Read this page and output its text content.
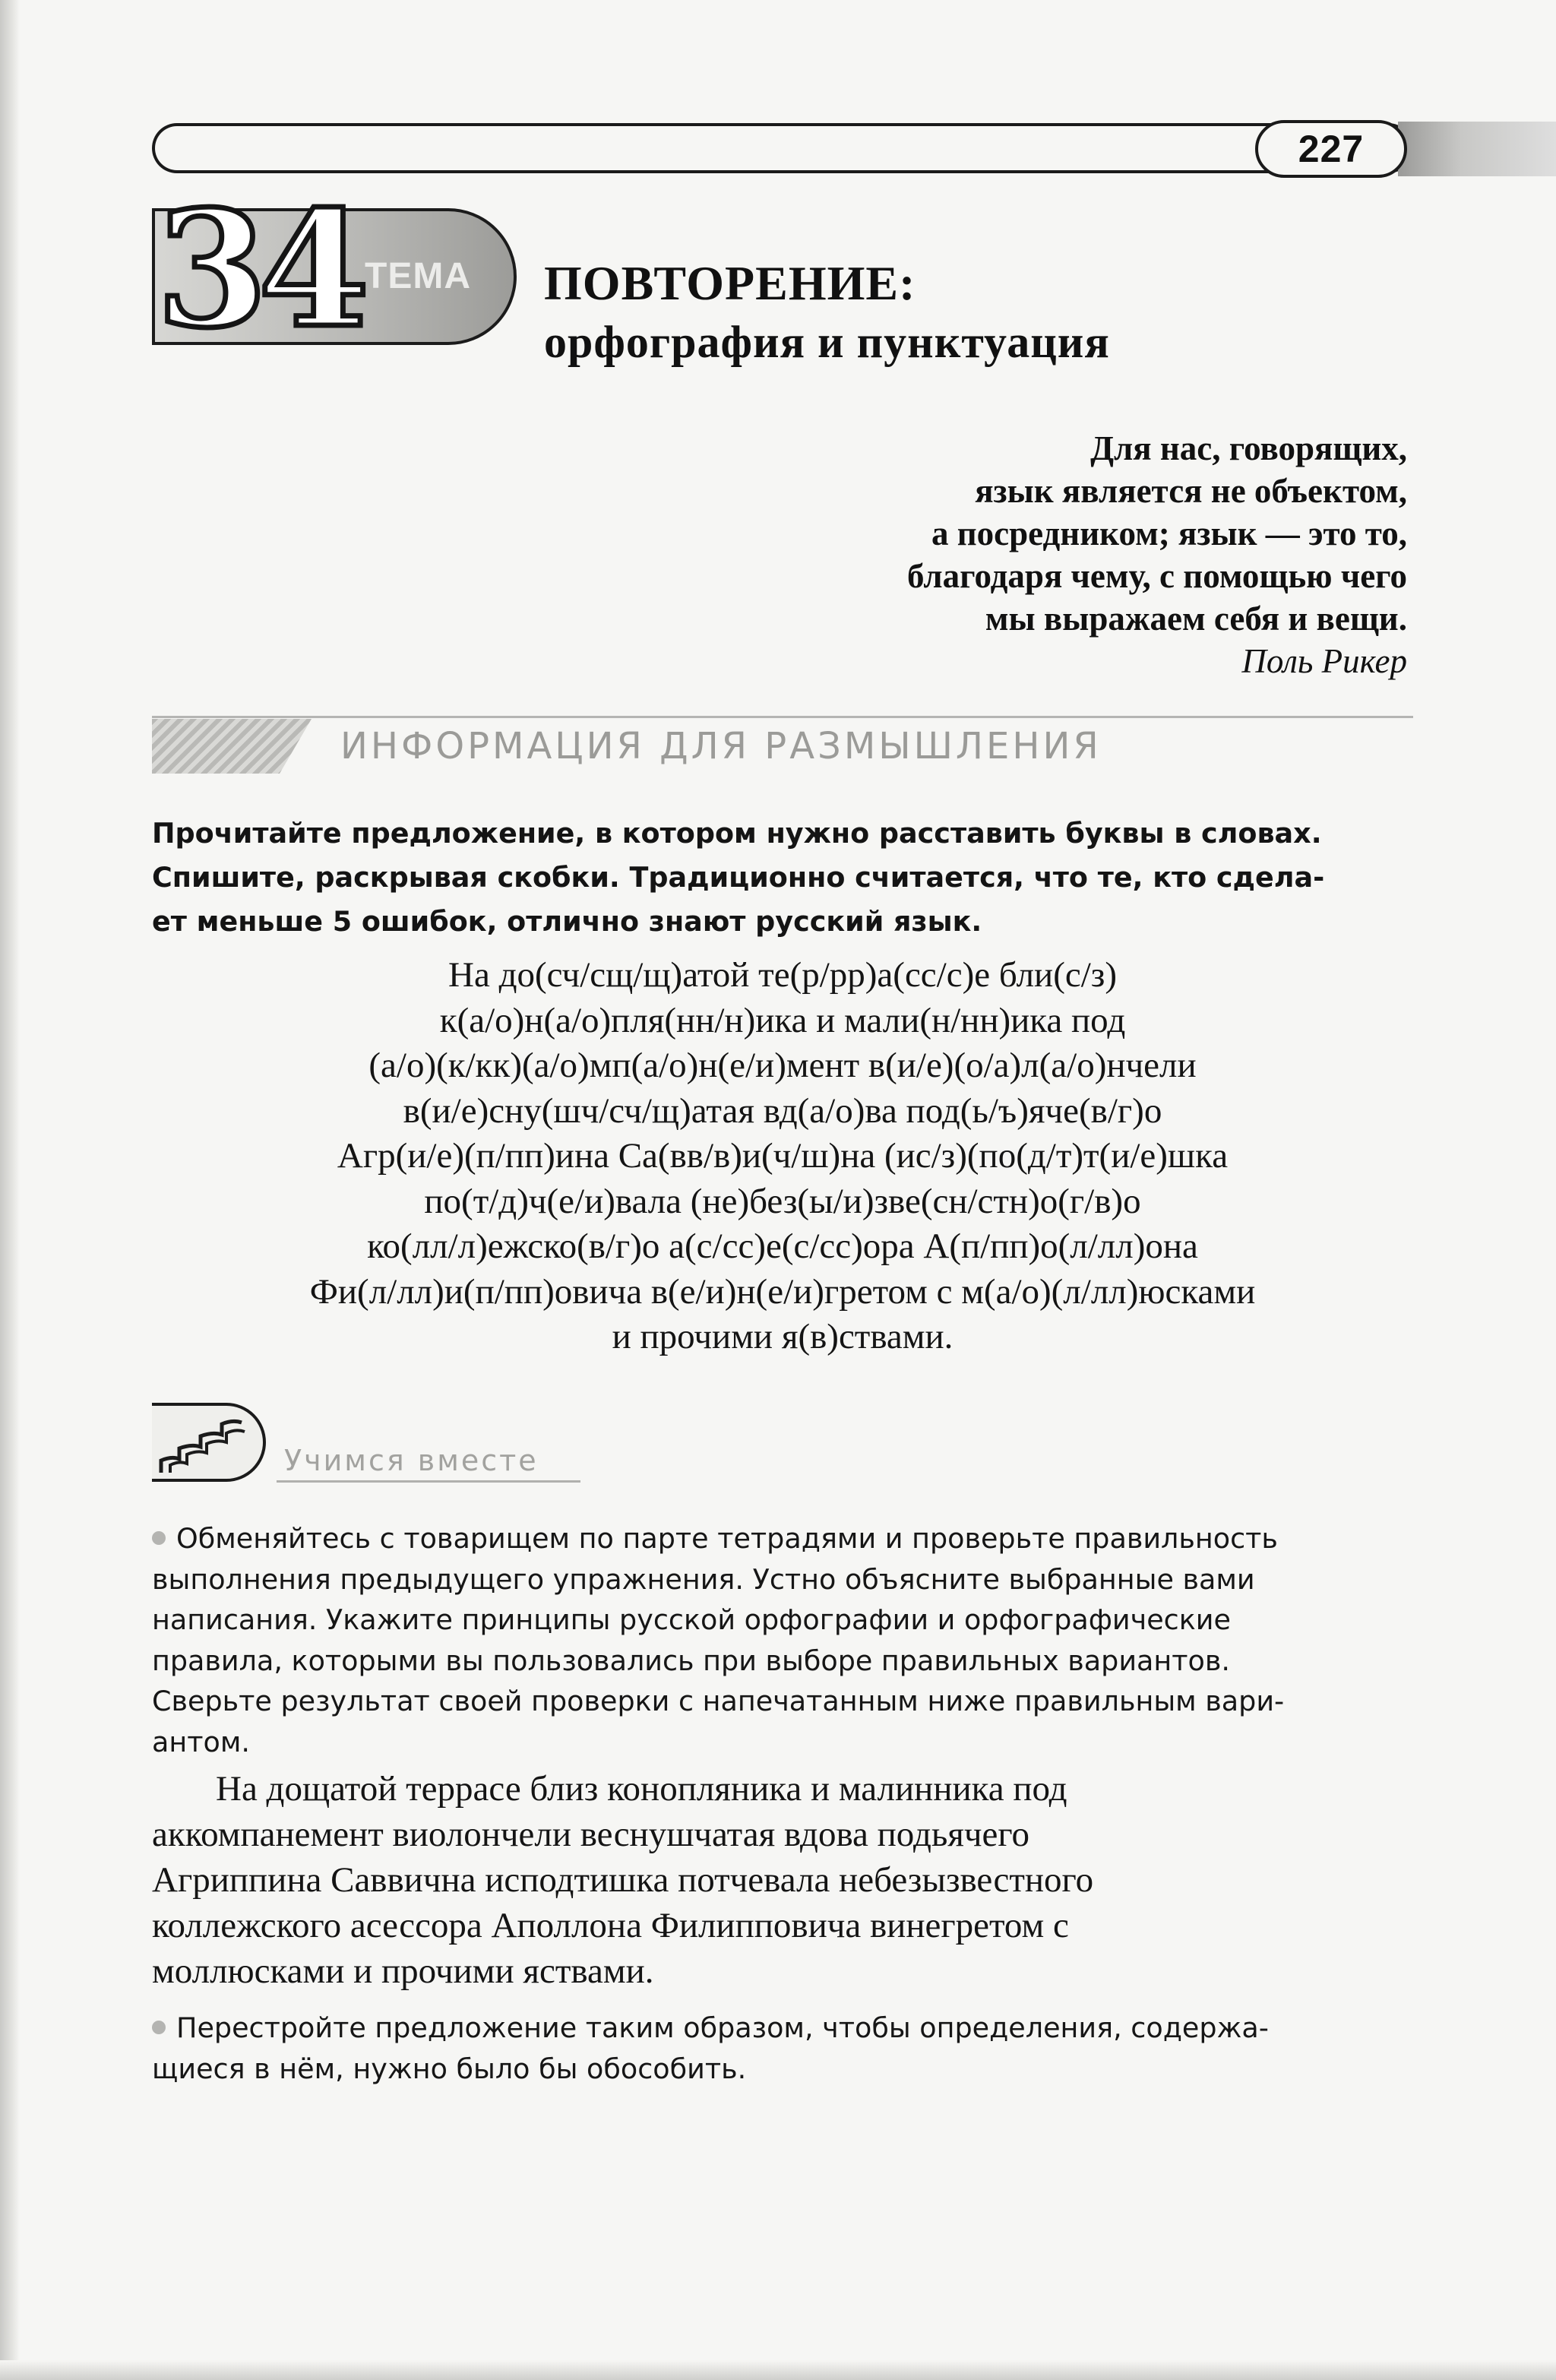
227
34 ТЕМА ПОВТОРЕНИЕ:
орфография и пунктуация
Для нас, говорящих,
язык является не объектом,
а посредником; язык — это то,
благодаря чему, с помощью чего
мы выражаем себя и вещи.
Поль Рикер
ИНФОРМАЦИЯ ДЛЯ РАЗМЫШЛЕНИЯ

Прочитайте предложение, в котором нужно расставить буквы в словах.
Спишите, раскрывая скобки. Традиционно считается, что те, кто сдела-
ет меньше 5 ошибок, отлично знают русский язык.

На до(сч/сщ/щ)атой те(р/рр)а(сс/с)е бли(с/з)
к(а/о)н(а/о)пля(нн/н)ика и мали(н/нн)ика под
(а/о)(к/кк)(а/о)мп(а/о)н(е/и)мент в(и/е)(о/а)л(а/о)нчели
в(и/е)сну(шч/сч/щ)атая вд(а/о)ва под(ь/ъ)яче(в/г)о
Агр(и/е)(п/пп)ина Са(вв/в)и(ч/ш)на (ис/з)(по(д/т)т(и/е)шка
по(т/д)ч(е/и)вала (не)без(ы/и)зве(сн/стн)о(г/в)о
ко(лл/л)ежско(в/г)о а(с/сс)е(с/сс)ора А(п/пп)о(л/лл)она
Фи(л/лл)и(п/пп)овича в(е/и)н(е/и)гретом с м(а/о)(л/лл)юсками
и прочими я(в)ствами.
Учимся вместе
Обменяйтесь с товарищем по парте тетрадями и проверьте правильность
выполнения предыдущего упражнения. Устно объясните выбранные вами
написания. Укажите принципы русской орфографии и орфографические
правила, которыми вы пользовались при выборе правильных вариантов.
Сверьте результат своей проверки с напечатанным ниже правильным вари-
антом.
На дощатой террасе близ конопляника и малинника под
аккомпанемент виолончели веснушчатая вдова подьячего
Агриппина Саввична исподтишка потчевала небезызвестного
коллежского асессора Аполлона Филипповича винегретом с
моллюсками и прочими яствами.
Перестройте предложение таким образом, чтобы определения, содержа-
щиеся в нём, нужно было бы обособить.
